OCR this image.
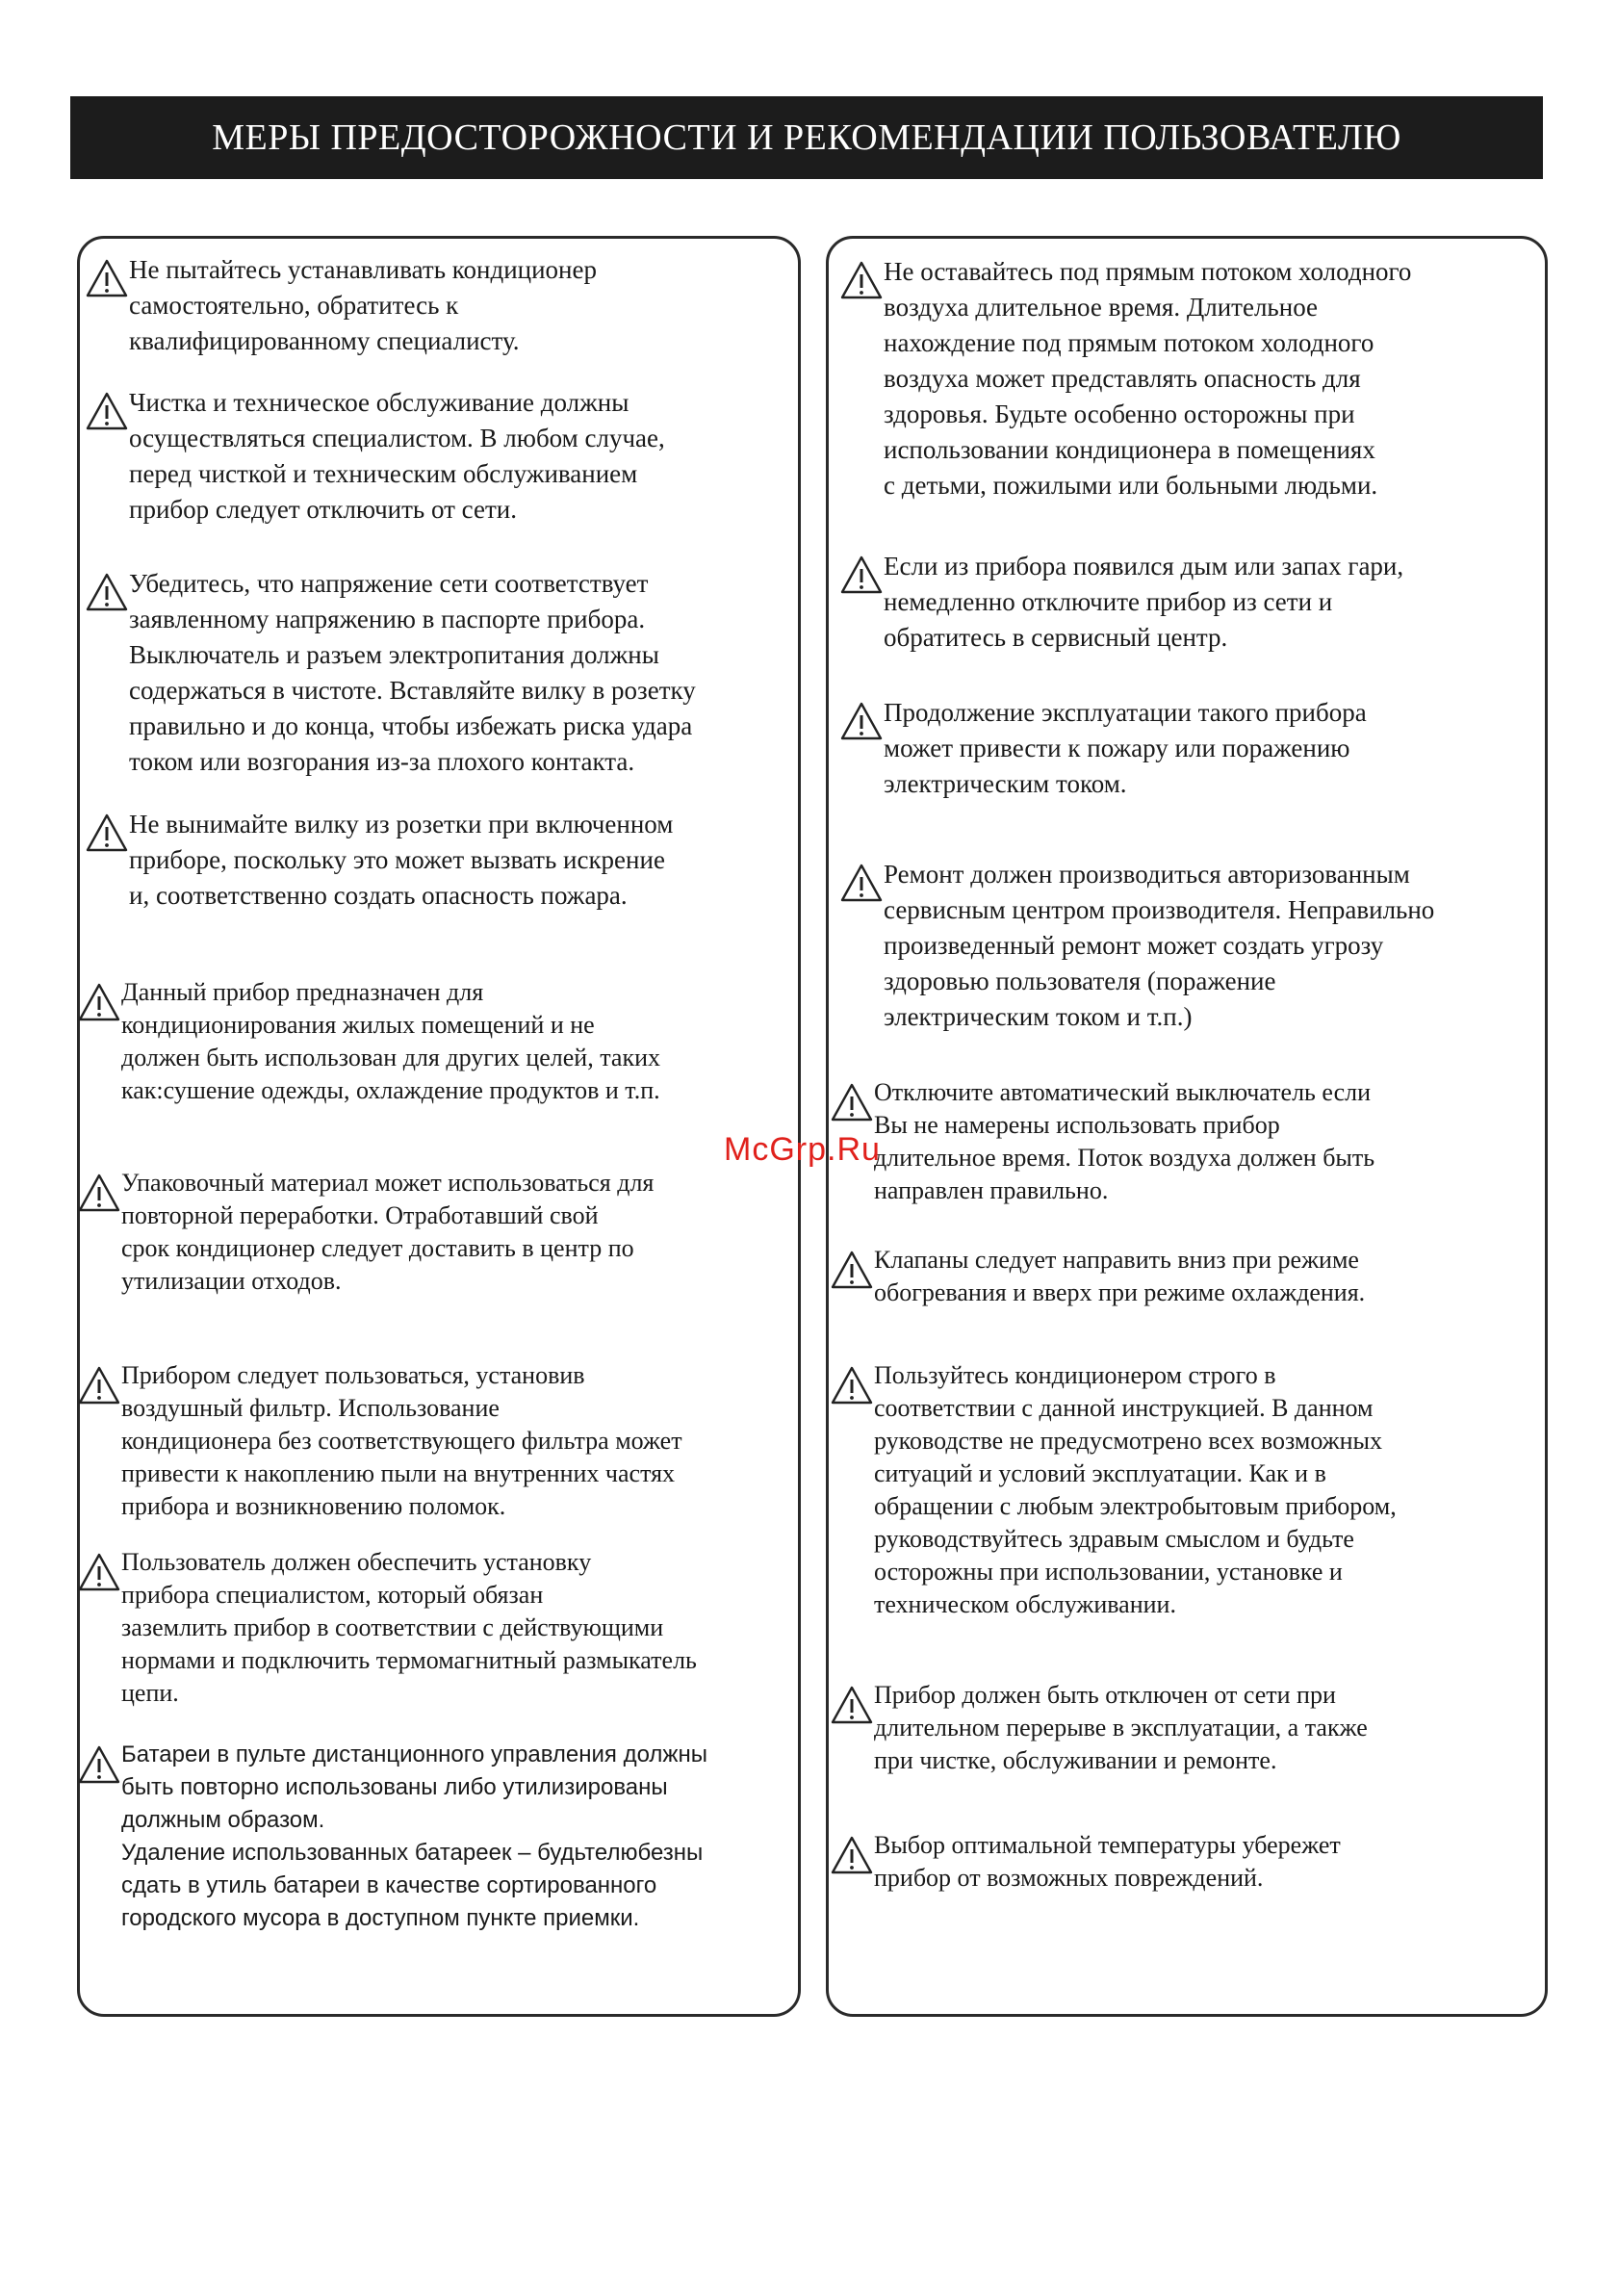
МЕРЫ ПРЕДОСТОРОЖНОСТИ И РЕКОМЕНДАЦИИ ПОЛЬЗОВАТЕЛЮ
Не пытайтесь устанавливать кондиционер
самостоятельно, обратитесь к
квалифицированному специалисту.
Чистка и техническое обслуживание должны
осуществляться специалистом. В любом случае,
перед чисткой и техническим обслуживанием
прибор следует отключить от сети.
Убедитесь, что напряжение сети соответствует
заявленному напряжению в паспорте прибора.
Выключатель и разъем электропитания должны
содержаться в чистоте. Вставляйте вилку в розетку
правильно и до конца, чтобы избежать риска удара
током или возгорания из-за плохого контакта.
Не вынимайте вилку из розетки при включенном
приборе, поскольку это может вызвать искрение
и, соответственно создать опасность пожара.
Данный прибор предназначен для
кондиционирования жилых помещений и не
должен быть использован для других целей, таких
как:сушение одежды, охлаждение продуктов и т.п.
Упаковочный материал может использоваться для
повторной переработки. Отработавший свой
срок кондиционер следует доставить в центр по
утилизации отходов.
Прибором следует пользоваться, установив
воздушный фильтр. Использование
кондиционера без соответствующего фильтра может
привести к накоплению пыли на внутренних частях
прибора и возникновению поломок.
Пользователь должен обеспечить установку
прибора специалистом, который обязан
заземлить прибор в соответствии с действующими
нормами и подключить термомагнитный размыкатель
цепи.
Батареи в пульте дистанционного управления должны
быть повторно использованы либо утилизированы
должным образом.
Удаление использованных батареек – будьтелюбезны
сдать в утиль батареи в качестве сортированного
городского мусора в доступном пункте приемки.
Не оставайтесь под прямым потоком холодного
воздуха длительное время. Длительное
нахождение под прямым потоком холодного
воздуха может представлять опасность для
здоровья. Будьте особенно осторожны при
использовании кондиционера в помещениях
с детьми, пожилыми или больными людьми.
Если из прибора появился дым или запах гари,
немедленно отключите прибор из сети и
обратитесь в сервисный центр.
Продолжение эксплуатации такого прибора
может привести к пожару или поражению
электрическим током.
Ремонт должен производиться авторизованным
сервисным центром производителя. Неправильно
произведенный ремонт может создать угрозу
здоровью пользователя (поражение
электрическим током и т.п.)
Отключите автоматический выключатель если
Вы не намерены использовать прибор
длительное время. Поток воздуха должен быть
направлен правильно.
Клапаны следует направить вниз при режиме
обогревания и вверх при режиме охлаждения.
Пользуйтесь кондиционером строго в
соответствии с данной инструкцией. В данном
руководстве не предусмотрено всех возможных
ситуаций и условий эксплуатации. Как и в
обращении с любым электробытовым прибором,
руководствуйтесь здравым смыслом и будьте
осторожны при использовании, установке и
техническом обслуживании.
Прибор должен быть отключен от сети при
длительном перерыве в эксплуатации, а также
при чистке, обслуживании и ремонте.
Выбор оптимальной температуры убережет
прибор от возможных повреждений.
McGrp.Ru
